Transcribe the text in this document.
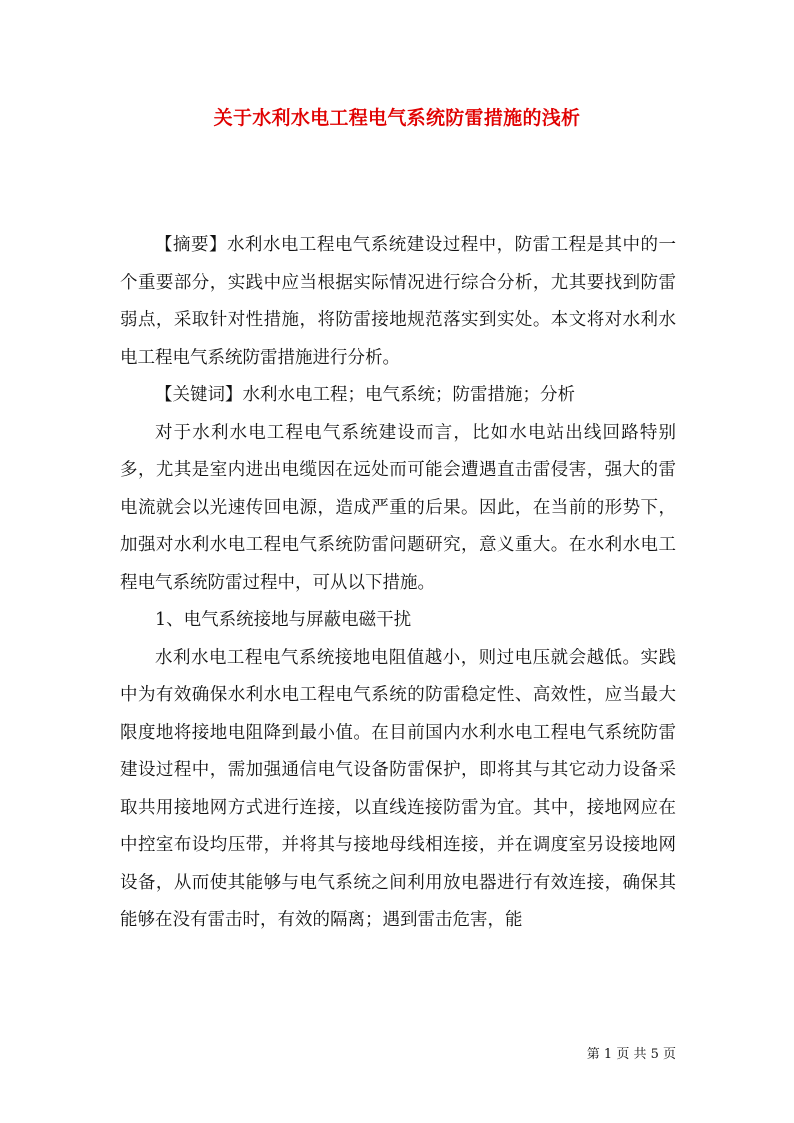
关于水利水电工程电气系统防雷措施的浅析

【摘要】水利水电工程电气系统建设过程中，防雷工程是其中的一个重要部分，实践中应当根据实际情况进行综合分析，尤其要找到防雷弱点，采取针对性措施，将防雷接地规范落实到实处。本文将对水利水电工程电气系统防雷措施进行分析。

【关键词】水利水电工程；电气系统；防雷措施；分析

对于水利水电工程电气系统建设而言，比如水电站出线回路特别多，尤其是室内进出电缆因在远处而可能会遭遇直击雷侵害，强大的雷电流就会以光速传回电源，造成严重的后果。因此，在当前的形势下，加强对水利水电工程电气系统防雷问题研究，意义重大。在水利水电工程电气系统防雷过程中，可从以下措施。

1、电气系统接地与屏蔽电磁干扰

水利水电工程电气系统接地电阻值越小，则过电压就会越低。实践中为有效确保水利水电工程电气系统的防雷稳定性、高效性，应当最大限度地将接地电阻降到最小值。在目前国内水利水电工程电气系统防雷建设过程中，需加强通信电气设备防雷保护，即将其与其它动力设备采取共用接地网方式进行连接，以直线连接防雷为宜。其中，接地网应在中控室布设均压带，并将其与接地母线相连接，并在调度室另设接地网设备，从而使其能够与电气系统之间利用放电器进行有效连接，确保其能够在没有雷击时，有效的隔离；遇到雷击危害，能

第 1 页 共 5 页
